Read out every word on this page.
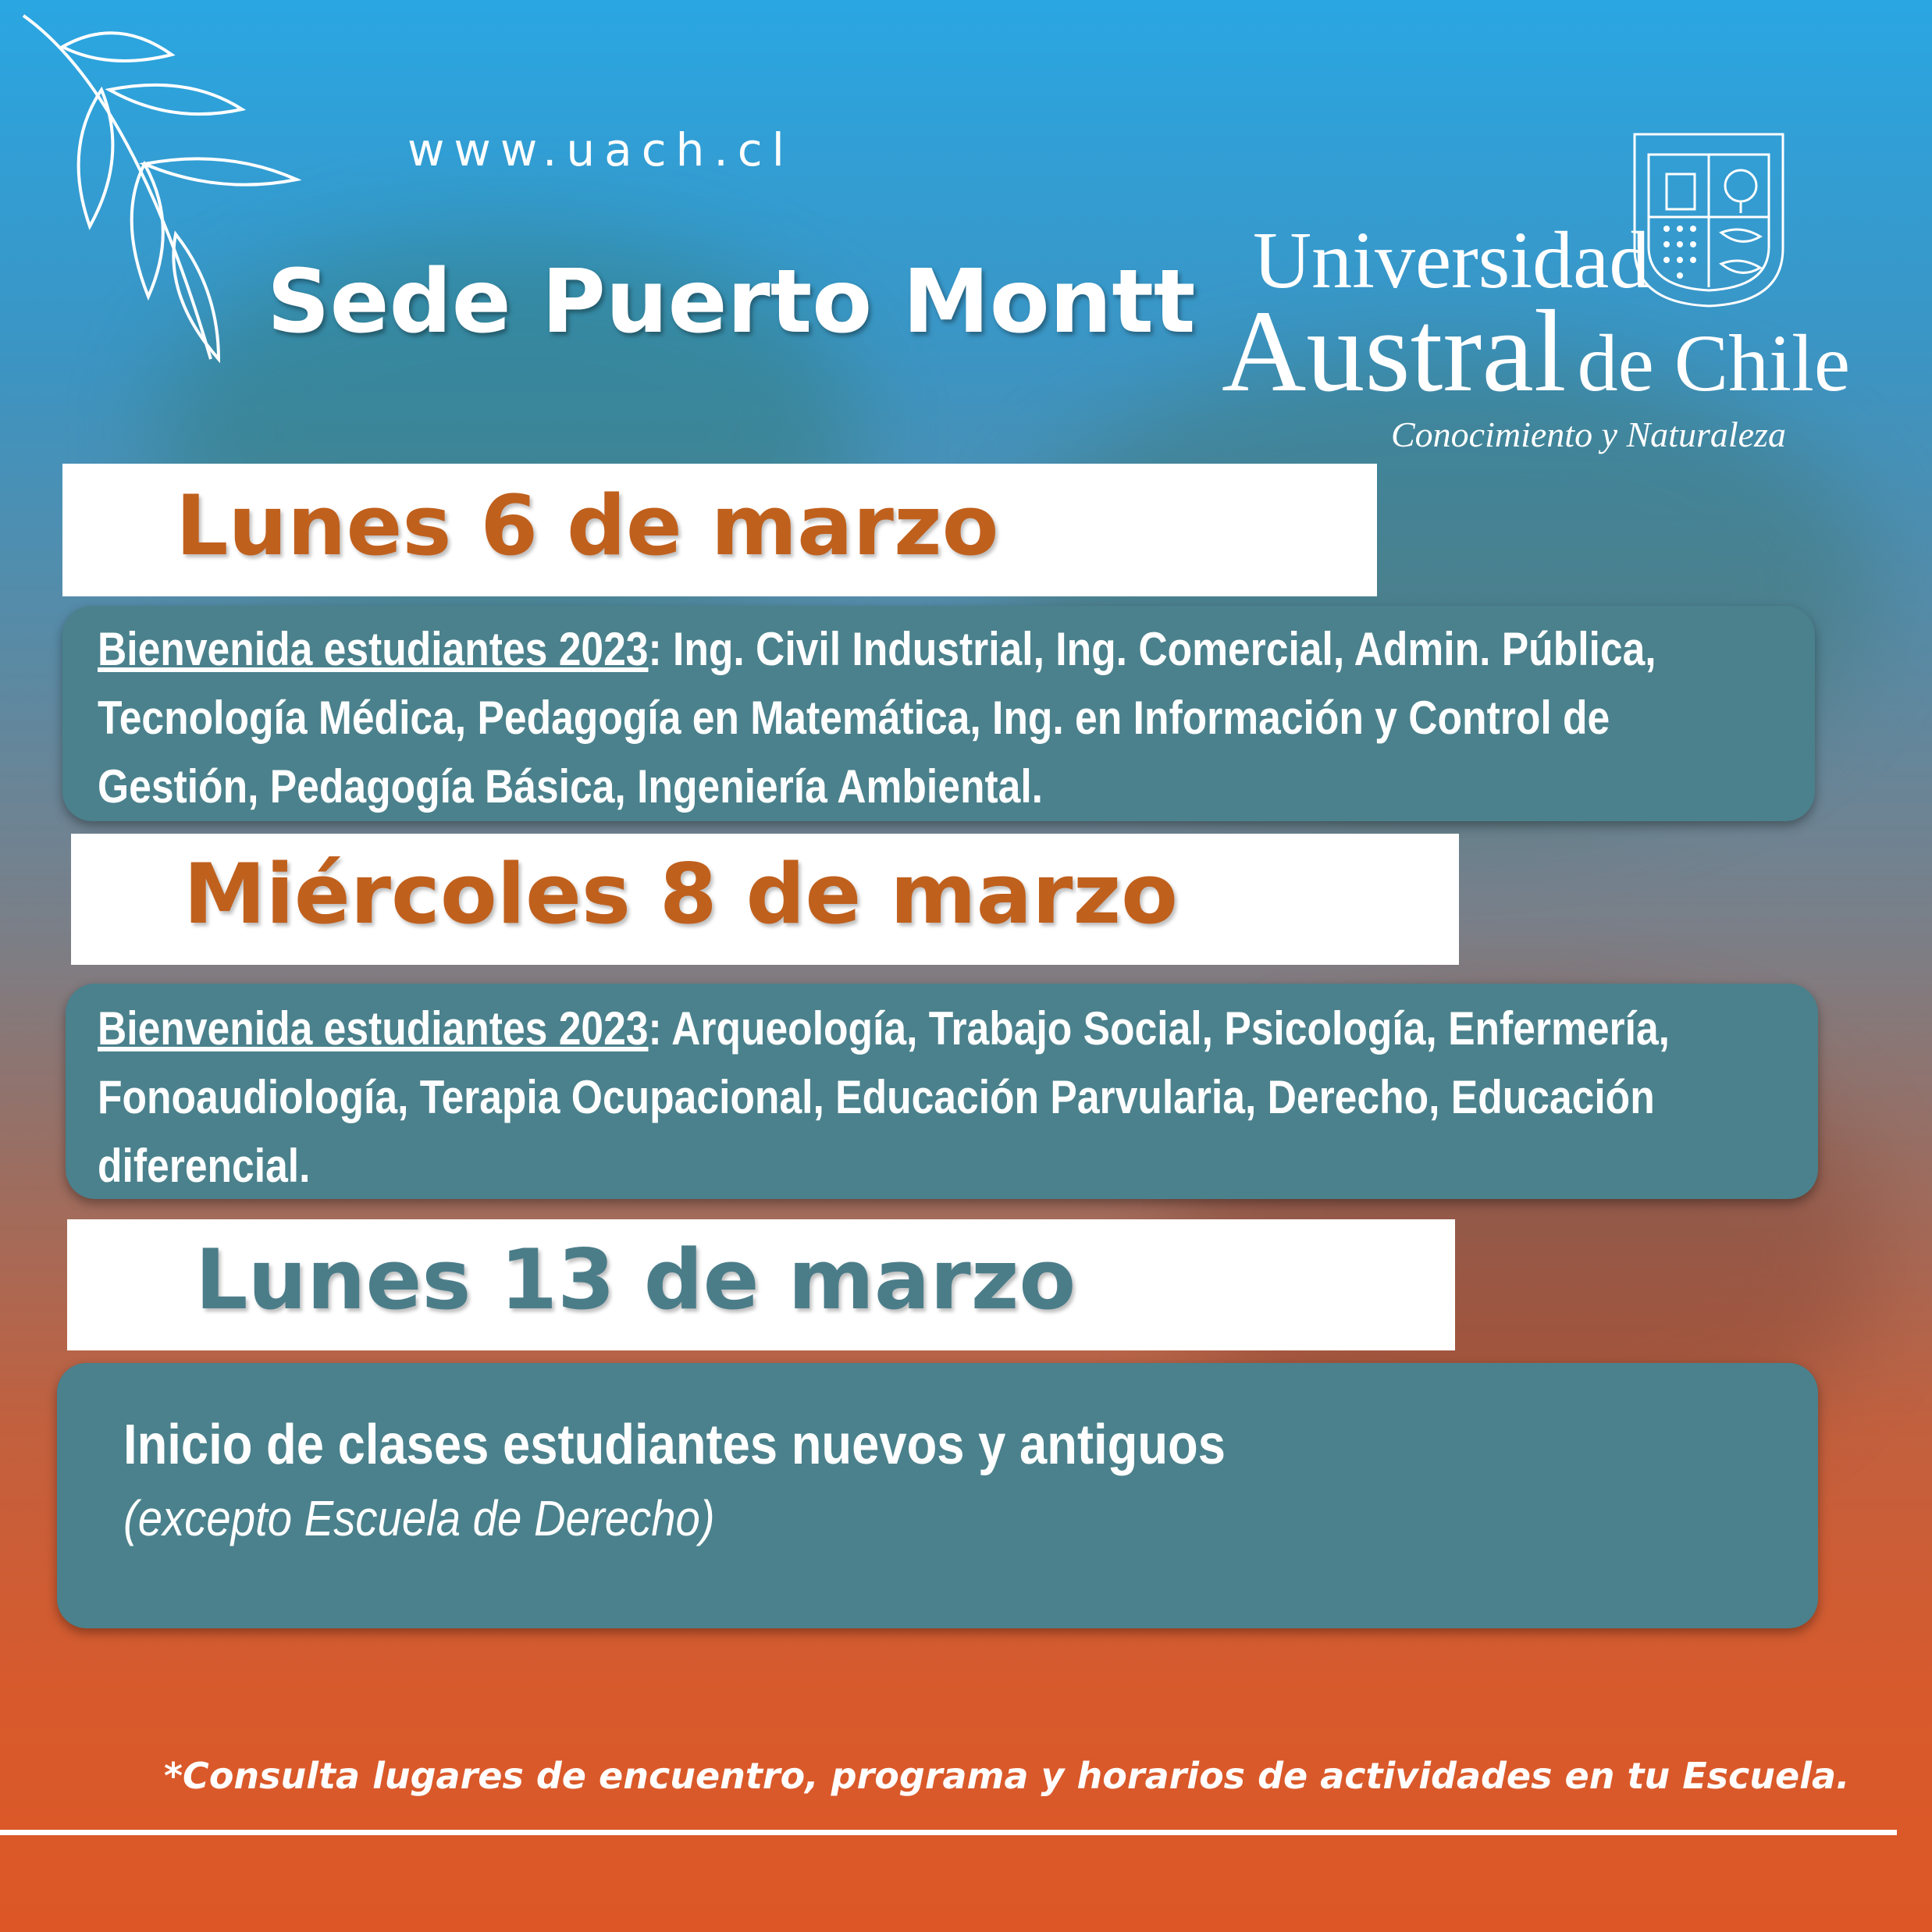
www.uach.cl
Sede Puerto Montt Universidad
Austral de Chile
Conocimiento y Naturaleza
Lunes 6 de marzo
Bienvenida estudiantes 2023: Ing. Civil Industrial, Ing. Comercial, Admin. Pública, Tecnología Médica, Pedagogía en Matemática, Ing. en Información y Control de Gestión, Pedagogía Básica, Ingeniería Ambiental.
Miércoles 8 de marzo
Bienvenida estudiantes 2023: Arqueología, Trabajo Social, Psicología, Enfermería, Fonoaudiología, Terapia Ocupacional, Educación Parvularia, Derecho, Educación diferencial.
Lunes 13 de marzo
Inicio de clases estudiantes nuevos y antiguos
(excepto Escuela de Derecho)
*Consulta lugares de encuentro, programa y horarios de actividades en tu Escuela.
